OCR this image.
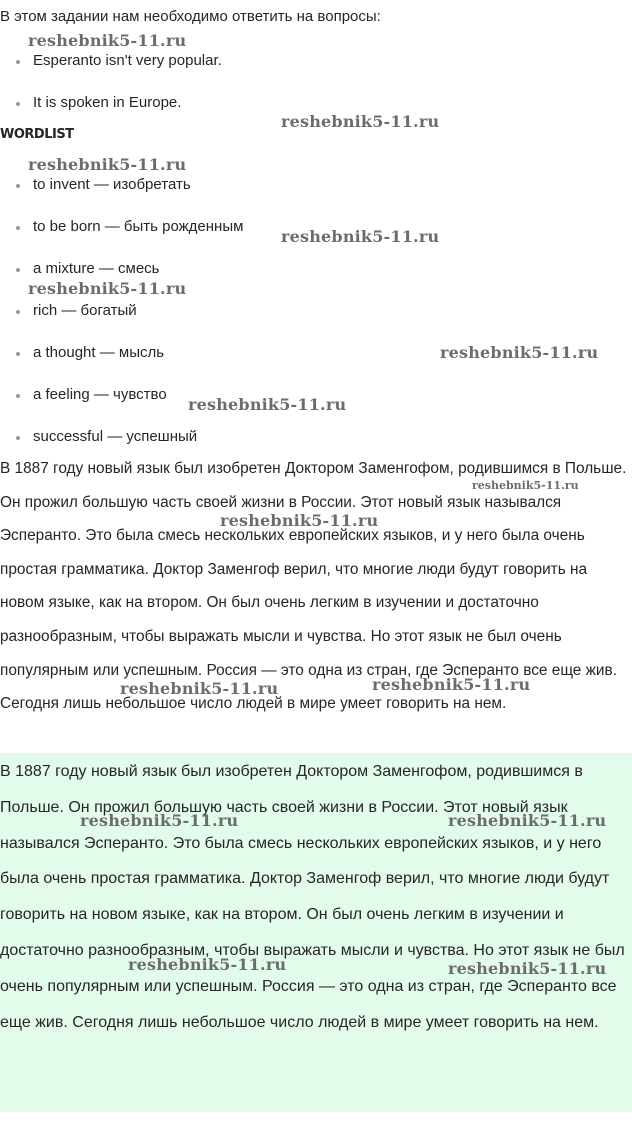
В этом задании нам необходимо ответить на вопросы:
Esperanto isn't very popular.
It is spoken in Europe.
WORDLIST
to invent — изобретать
to be born — быть рожденным
a mixture — смесь
rich — богатый
a thought — мысль
a feeling — чувство
successful — успешный

В 1887 году новый язык был изобретен Доктором Заменгофом, родившимся в Польше. Он прожил большую часть своей жизни в России. Этот новый язык назывался Эсперанто. Это была смесь нескольких европейских языков, и у него была очень простая грамматика. Доктор Заменгоф верил, что многие люди будут говорить на новом языке, как на втором. Он был очень легким в изучении и достаточно разнообразным, чтобы выражать мысли и чувства. Но этот язык не был очень популярным или успешным. Россия — это одна из стран, где Эсперанто все еще жив. Сегодня лишь небольшое число людей в мире умеет говорить на нем.

В 1887 году новый язык был изобретен Доктором Заменгофом, родившимся в Польше. Он прожил большую часть своей жизни в России. Этот новый язык назывался Эсперанто. Это была смесь нескольких европейских языков, и у него была очень простая грамматика. Доктор Заменгоф верил, что многие люди будут говорить на новом языке, как на втором. Он был очень легким в изучении и достаточно разнообразным, чтобы выражать мысли и чувства. Но этот язык не был очень популярным или успешным. Россия — это одна из стран, где Эсперанто все еще жив. Сегодня лишь небольшое число людей в мире умеет говорить на нем.

reshebnik5-11.ru
reshebnik5-11.ru
reshebnik5-11.ru
reshebnik5-11.ru
reshebnik5-11.ru
reshebnik5-11.ru
reshebnik5-11.ru
reshebnik5-11.ru
reshebnik5-11.ru
reshebnik5-11.ru
reshebnik5-11.ru
reshebnik5-11.ru	reshebnik5-11.ru
reshebnik5-11.ru	reshebnik5-11.ru
